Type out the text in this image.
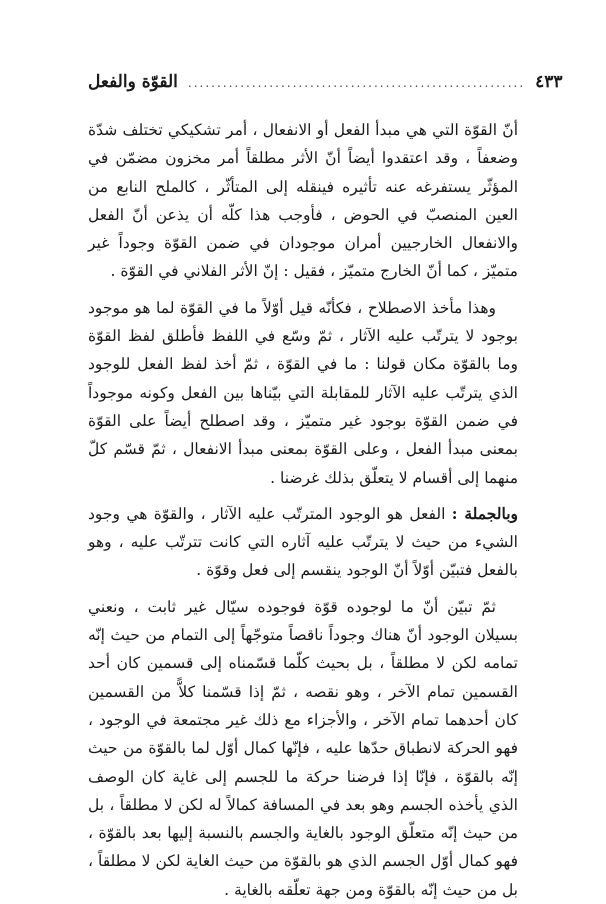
القوّة والفعل .......................................................... ٤٣٣

أنّ القوّة التي هي مبدأ الفعل أو الانفعال ، أمر تشكيكي تختلف شدّة وضعفاً ، وقد اعتقدوا أيضاً أنّ الأثر مطلقاً أمر مخزون مضمّن في المؤثّر يستفرغه عنه تأثيره فينقله إلى المتأثّر ، كالملح النابع من العين المنصبّ في الحوض ، فأوجب هذا كلّه أن يذعن أنّ الفعل والانفعال الخارجيين أمران موجودان في ضمن القوّة وجوداً غير متميّز ، كما أنّ الخارج متميّز ، فقيل : إنّ الأثر الفلاني في القوّة .

وهذا مأخذ الاصطلاح ، فكأنّه قيل أوّلاً ما في القوّة لما هو موجود بوجود لا يترتّب عليه الآثار ، ثمّ وسّع في اللفظ فأطلق لفظ القوّة وما بالقوّة مكان قولنا : ما في القوّة ، ثمّ أخذ لفظ الفعل للوجود الذي يترتّب عليه الآثار للمقابلة التي بيّناها بين الفعل وكونه موجوداً في ضمن القوّة بوجود غير متميّز ، وقد اصطلح أيضاً على القوّة بمعنى مبدأ الفعل ، وعلى القوّة بمعنى مبدأ الانفعال ، ثمّ قسّم كلّ منهما إلى أقسام لا يتعلّق بذلك غرضنا .

وبالجملة : الفعل هو الوجود المترتّب عليه الآثار ، والقوّة هي وجود الشيء من حيث لا يترتّب عليه آثاره التي كانت تترتّب عليه ، وهو بالفعل فتبيّن أوّلاً أنّ الوجود ينقسم إلى فعل وقوّة .

ثمّ تبيّن أنّ ما لوجوده قوّة فوجوده سيّال غير ثابت ، ونعني بسيلان الوجود أنّ هناك وجوداً ناقصاً متوجّهاً إلى التمام من حيث إنّه تمامه لكن لا مطلقاً ، بل بحيث كلّما قسّمناه إلى قسمين كان أحد القسمين تمام الآخر ، وهو نقصه ، ثمّ إذا قسّمنا كلاًّ من القسمين كان أحدهما تمام الآخر ، والأجزاء مع ذلك غير مجتمعة في الوجود ، فهو الحركة لانطباق حدّها عليه ، فإنّها كمال أوّل لما بالقوّة من حيث إنّه بالقوّة ، فإنّا إذا فرضنا حركة ما للجسم إلى غاية كان الوصف الذي يأخذه الجسم وهو بعد في المسافة كمالاً له لكن لا مطلقاً ، بل من حيث إنّه متعلّق الوجود بالغاية والجسم بالنسبة إليها بعد بالقوّة ، فهو كمال أوّل الجسم الذي هو بالقوّة من حيث الغاية لكن لا مطلقاً ، بل من حيث إنّه بالقوّة ومن جهة تعلّقه بالغاية .
